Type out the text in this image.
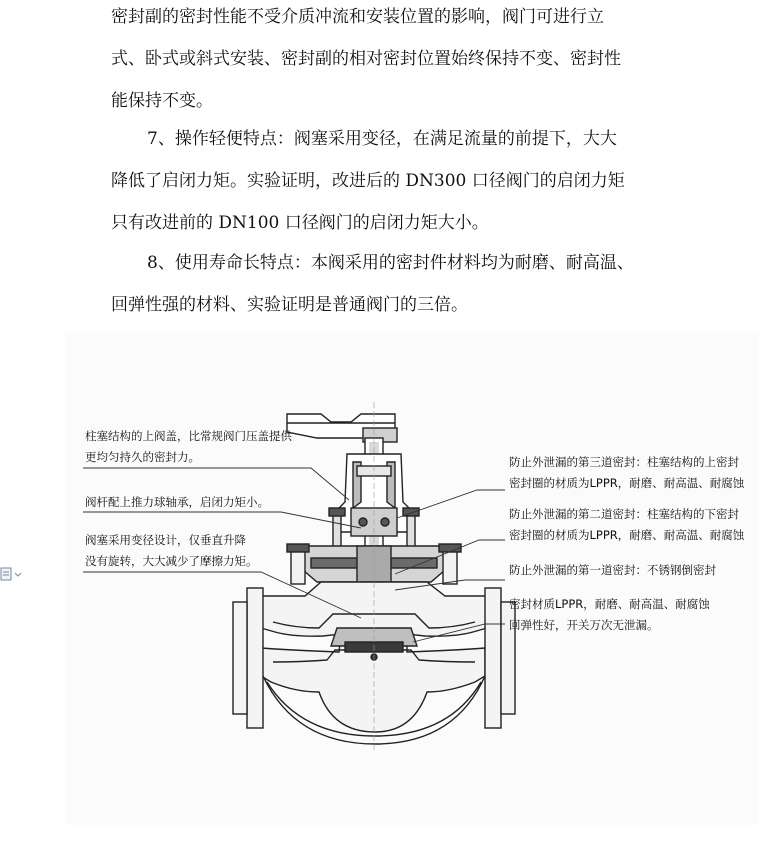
密封副的密封性能不受介质冲流和安装位置的影响，阀门可进行立
式、卧式或斜式安装、密封副的相对密封位置始终保持不变、密封性
能保持不变。

7、操作轻便特点：阀塞采用变径，在满足流量的前提下，大大
降低了启闭力矩。实验证明，改进后的 DN300 口径阀门的启闭力矩
只有改进前的 DN100 口径阀门的启闭力矩大小。

8、使用寿命长特点：本阀采用的密封件材料均为耐磨、耐高温、
回弹性强的材料、实验证明是普通阀门的三倍。

柱塞结构的上阀盖，比常规阀门压盖提供
更均匀持久的密封力。
阀杆配上推力球轴承，启闭力矩小。
阀塞采用变径设计，仅垂直升降
没有旋转，大大减少了摩擦力矩。
防止外泄漏的第三道密封：柱塞结构的上密封
密封圈的材质为LPPR，耐磨、耐高温、耐腐蚀
防止外泄漏的第二道密封：柱塞结构的下密封
密封圈的材质为LPPR，耐磨、耐高温、耐腐蚀
防止外泄漏的第一道密封：不锈钢倒密封
密封材质LPPR，耐磨、耐高温、耐腐蚀
回弹性好，开关万次无泄漏。
